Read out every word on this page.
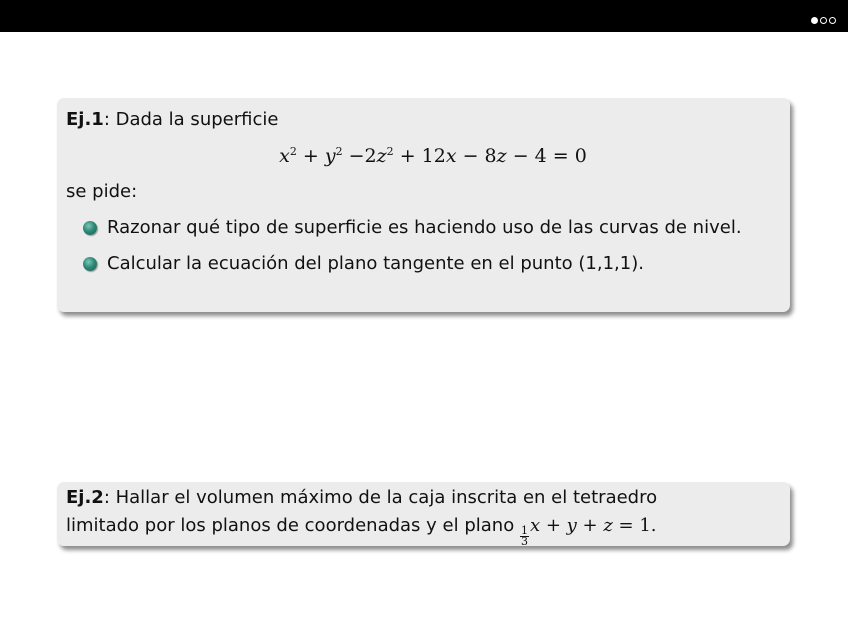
Ej.1: Dada la superficie
$x^2 + y^2 -2z^2 + 12x - 8z - 4 = 0$
se pide:
Razonar qué tipo de superficie es haciendo uso de las curvas de nivel.
Calcular la ecuación del plano tangente en el punto (1,1,1).
Ej.2: Hallar el volumen máximo de la caja inscrita en el tetraedro
limitado por los planos de coordenadas y el plano
$\frac{1}{3}$
x + y + z = 1.
